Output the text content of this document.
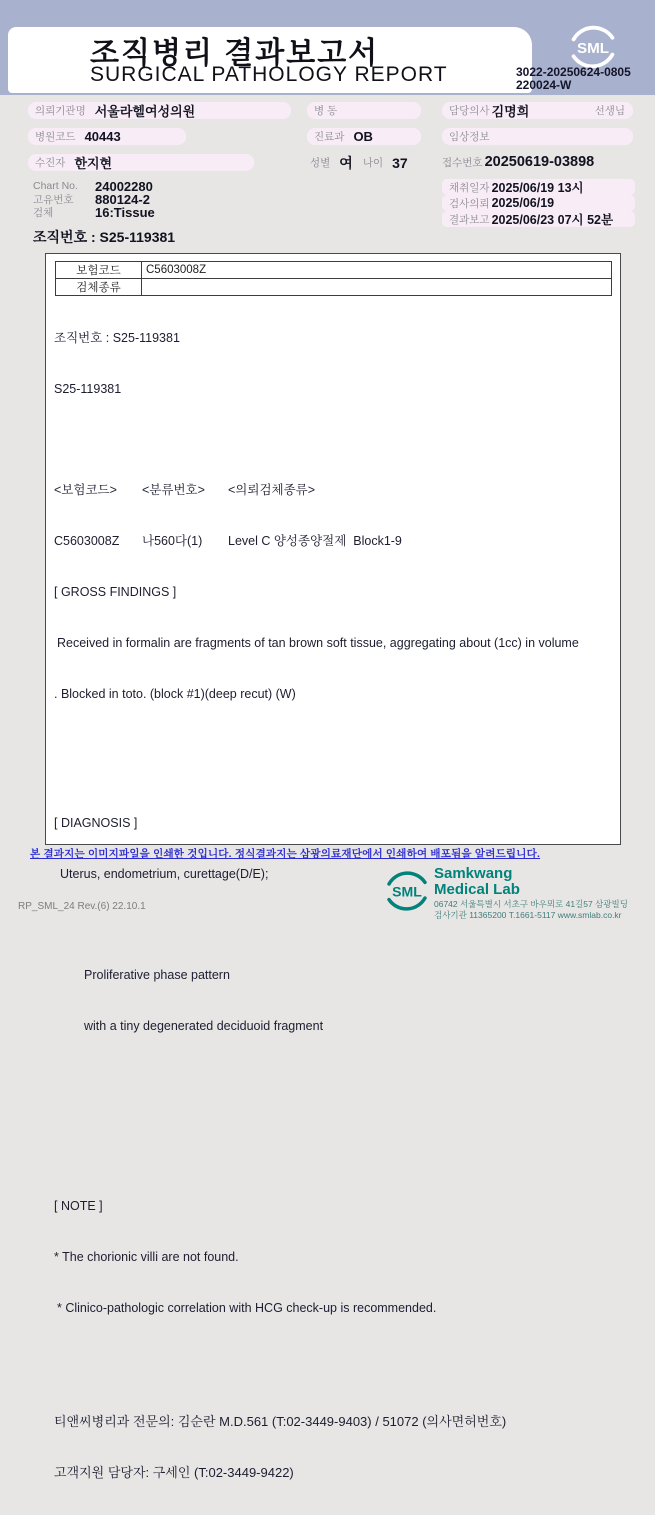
조직병리 결과보고서
SURGICAL PATHOLOGY REPORT
SML
3022-20250624-0805
220024-W
의뢰기관명 서울라헬여성의원	병 동	담당의사 김명희	선생님
병원코드 40443	진료과 OB	임상정보
수진자 한지현	성별 여 나이 37	접수번호 20250619-03898
Chart No.	24002280
고유번호	880124-2
검체	16:Tissue
채취일자 2025/06/19 13시
검사의뢰 2025/06/19
결과보고 2025/06/23 07시 52분
조직번호 : S25-119381
보험코드	C5603008Z
검체종류	

조직번호 : S25-119381

S25-119381

<보험코드>	<분류번호>	<의뢰검체종류>

C5603008Z	나560다(1)	Level C 양성종양절제  Block1-9

[ GROSS FINDINGS ]

Received in formalin are fragments of tan brown soft tissue, aggregating about (1cc) in volume

. Blocked in toto. (block #1)(deep recut) (W)

[ DIAGNOSIS ]

Uterus, endometrium, curettage(D/E);

Proliferative phase pattern

with a tiny degenerated deciduoid fragment

[ NOTE ]

* The chorionic villi are not found.

* Clinico-pathologic correlation with HCG check-up is recommended.

티앤씨병리과 전문의: 김순란 M.D.561 (T:02-3449-9403) / 51072 (의사면허번호)

고객지원 담당자: 구세인 (T:02-3449-9422)

본 결과지는 이미지파일을 인쇄한 것입니다. 정식결과지는 삼광의료재단에서 인쇄하여 배포됨을 알려드립니다.
SML
Samkwang
Medical Lab
06742 서울특별시 서초구 바우뫼로 41길57 삼광빌딩
검사기관 11365200 T.1661-5117 www.smlab.co.kr
RP_SML_24 Rev.(6) 22.10.1
